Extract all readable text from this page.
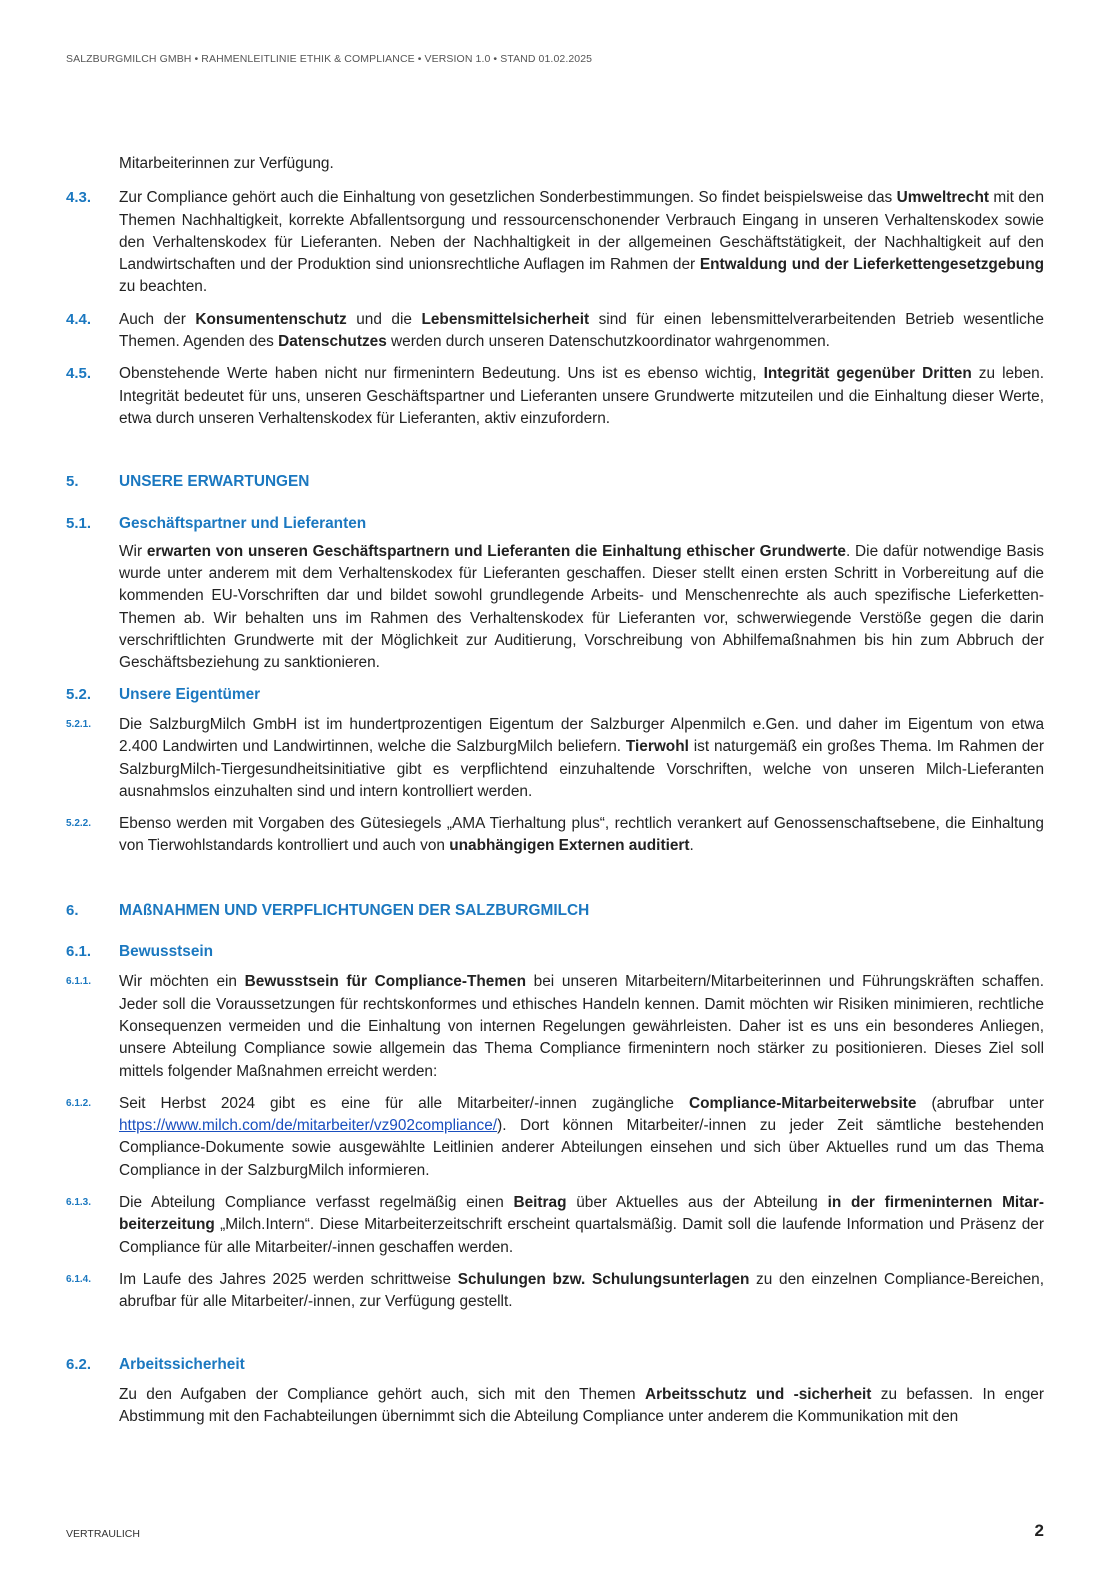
SALZBURGMILCH GMBH • RAHMENLEITLINIE ETHIK & COMPLIANCE • VERSION 1.0 • STAND 01.02.2025
Mitarbeiterinnen zur Verfügung.
4.3.	Zur Compliance gehört auch die Einhaltung von gesetzlichen Sonderbestimmungen. So findet beispielsweise das Umweltrecht mit den Themen Nachhaltigkeit, korrekte Abfallentsorgung und ressourcenschonender Verbrauch Eingang in unseren Verhaltenskodex sowie den Verhaltenskodex für Lieferanten. Neben der Nachhaltigkeit in der allgemeinen Geschäftstätigkeit, der Nachhaltigkeit auf den Landwirtschaften und der Produktion sind unionsrechtliche Auflagen im Rahmen der Entwaldung und der Lieferkettengesetzgebung zu beachten.
4.4.	Auch der Konsumentenschutz und die Lebensmittelsicherheit sind für einen lebensmittelverarbeitenden Betrieb wesentliche Themen. Agenden des Datenschutzes werden durch unseren Datenschutzkoordinator wahrgenommen.
4.5.	Obenstehende Werte haben nicht nur firmenintern Bedeutung. Uns ist es ebenso wichtig, Integrität gegenüber Dritten zu leben. Integrität bedeutet für uns, unseren Geschäftspartner und Lieferanten unsere Grundwerte mitzuteilen und die Einhaltung dieser Werte, etwa durch unseren Verhaltenskodex für Lieferanten, aktiv einzufordern.
5.	UNSERE ERWARTUNGEN
5.1.	Geschäftspartner und Lieferanten
Wir erwarten von unseren Geschäftspartnern und Lieferanten die Einhaltung ethischer Grundwerte. Die dafür notwendige Basis wurde unter anderem mit dem Verhaltenskodex für Lieferanten geschaffen. Dieser stellt einen ersten Schritt in Vorbereitung auf die kommenden EU-Vorschriften dar und bildet sowohl grundlegende Arbeits- und Menschenrechte als auch spezifische Lieferketten-Themen ab. Wir behalten uns im Rahmen des Verhaltenskodex für Lieferanten vor, schwerwiegende Verstöße gegen die darin verschriftlichten Grundwerte mit der Möglichkeit zur Auditierung, Vorschreibung von Abhilfemaßnahmen bis hin zum Abbruch der Geschäftsbeziehung zu sanktionieren.
5.2.	Unsere Eigentümer
5.2.1.	Die SalzburgMilch GmbH ist im hundertprozentigen Eigentum der Salzburger Alpenmilch e.Gen. und daher im Eigentum von etwa 2.400 Landwirten und Landwirtinnen, welche die SalzburgMilch beliefern. Tierwohl ist naturgemäß ein großes Thema. Im Rahmen der SalzburgMilch-Tiergesundheitsinitiative gibt es verpflichtend einzuhaltende Vorschriften, welche von unseren Milch-Lieferanten ausnahmslos einzuhalten sind und intern kontrolliert werden.
5.2.2.	Ebenso werden mit Vorgaben des Gütesiegels „AMA Tierhaltung plus“, rechtlich verankert auf Genossenschaftsebene, die Einhaltung von Tierwohlstandards kontrolliert und auch von unabhängigen Externen auditiert.
6.	MAßNAHMEN UND VERPFLICHTUNGEN DER SALZBURGMILCH
6.1.	Bewusstsein
6.1.1.	Wir möchten ein Bewusstsein für Compliance-Themen bei unseren Mitarbeitern/Mitarbeiterinnen und Führungskräften schaffen. Jeder soll die Voraussetzungen für rechtskonformes und ethisches Handeln kennen. Damit möchten wir Risiken minimieren, rechtliche Konsequenzen vermeiden und die Einhaltung von internen Regelungen gewährleisten. Daher ist es uns ein besonderes Anliegen, unsere Abteilung Compliance sowie allgemein das Thema Compliance firmenintern noch stärker zu positionieren. Dieses Ziel soll mittels folgender Maßnahmen erreicht werden:
6.1.2.	Seit Herbst 2024 gibt es eine für alle Mitarbeiter/-innen zugängliche Compliance-Mitarbeiterwebsite (abrufbar unter https://www.milch.com/de/mitarbeiter/vz902compliance/). Dort können Mitarbeiter/-innen zu jeder Zeit sämtliche bestehenden Compliance-Dokumente sowie ausgewählte Leitlinien anderer Abteilungen einsehen und sich über Aktuelles rund um das Thema Compliance in der SalzburgMilch informieren.
6.1.3.	Die Abteilung Compliance verfasst regelmäßig einen Beitrag über Aktuelles aus der Abteilung in der firmeninternen Mitarbeiterzeitung „Milch.Intern“. Diese Mitarbeiterzeitschrift erscheint quartalsmäßig. Damit soll die laufende Information und Präsenz der Compliance für alle Mitarbeiter/-innen geschaffen werden.
6.1.4.	Im Laufe des Jahres 2025 werden schrittweise Schulungen bzw. Schulungsunterlagen zu den einzelnen Compliance-Bereichen, abrufbar für alle Mitarbeiter/-innen, zur Verfügung gestellt.
6.2.	Arbeitssicherheit
Zu den Aufgaben der Compliance gehört auch, sich mit den Themen Arbeitsschutz und -sicherheit zu befassen. In enger Abstimmung mit den Fachabteilungen übernimmt sich die Abteilung Compliance unter anderem die Kommunikation mit den
VERTRAULICH	2
